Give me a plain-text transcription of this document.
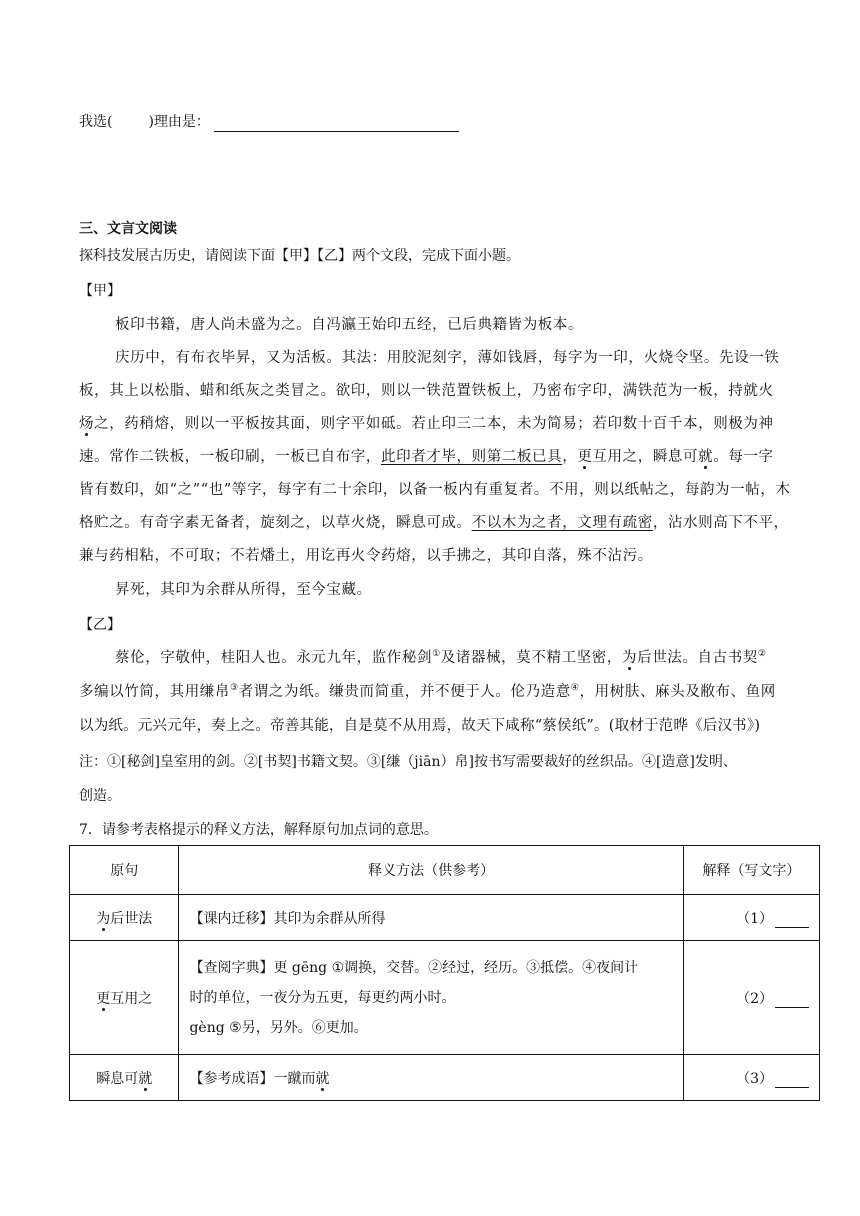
我选(	)理由是：
三、文言文阅读
探科技发展古历史，请阅读下面【甲】【乙】两个文段，完成下面小题。
【甲】
板印书籍，唐人尚未盛为之。自冯瀛王始印五经，已后典籍皆为板本。
庆历中，有布衣毕昇，又为活板。其法：用胶泥刻字，薄如钱唇，每字为一印，火烧令坚。先设一铁
板，其上以松脂、蜡和纸灰之类冒之。欲印，则以一铁范置铁板上，乃密布字印，满铁范为一板，持就火
炀之，药稍熔，则以一平板按其面，则字平如砥。若止印三二本，未为简易；若印数十百千本，则极为神
速。常作二铁板，一板印刷，一板已自布字，此印者才毕，则第二板已具，更互用之，瞬息可就。每一字
皆有数印，如“之”“也”等字，每字有二十余印，以备一板内有重复者。不用，则以纸帖之，每韵为一帖，木
格贮之。有奇字素无备者，旋刻之，以草火烧，瞬息可成。不以木为之者，文理有疏密，沾水则高下不平，
兼与药相粘，不可取；不若燔土，用讫再火令药熔，以手拂之，其印自落，殊不沾污。
昇死，其印为余群从所得，至今宝藏。
【乙】
蔡伦，字敬仲，桂阳人也。永元九年，监作秘剑①及诸器械，莫不精工坚密，为后世法。自古书契②
多编以竹简，其用缣帛③者谓之为纸。缣贵而简重，并不便于人。伦乃造意④，用树肤、麻头及敝布、鱼网
以为纸。元兴元年，奏上之。帝善其能，自是莫不从用焉，故天下咸称“蔡侯纸”。(取材于范晔《后汉书》)
注：①[秘剑]皇室用的剑。②[书契]书籍文契。③[缣（jiān）帛]按书写需要裁好的丝织品。④[造意]发明、
创造。
7．请参考表格提示的释义方法，解释原句加点词的意思。
原句	释义方法（供参考）	解释（写文字）
为后世法	【课内迁移】其印为余群从所得	（1）
更互用之	【查阅字典】更 gēng ①调换，交替。②经过，经历。③抵偿。④夜间计
时的单位，一夜分为五更，每更约两小时。
gèng ⑤另，另外。⑥更加。	（2）
瞬息可就	【参考成语】一蹴而就	（3）
